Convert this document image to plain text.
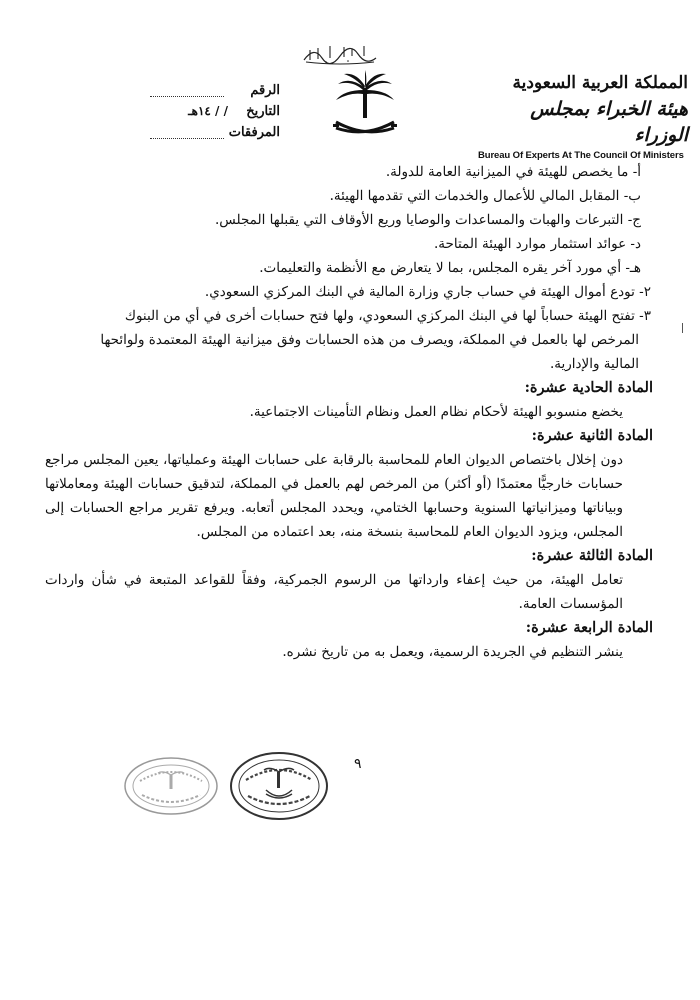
المملكة العربية السعودية
هيئة الخبراء بمجلس الوزراء
Bureau Of Experts At The Council Of Ministers
الرقم
التاريخ
/ / ١٤هـ
المرفقات
أ- ما يخصص للهيئة في الميزانية العامة للدولة.
ب- المقابل المالي للأعمال والخدمات التي تقدمها الهيئة.
ج- التبرعات والهبات والمساعدات والوصايا وريع الأوقاف التي يقبلها المجلس.
د- عوائد استثمار موارد الهيئة المتاحة.
هـ- أي مورد آخر يقره المجلس، بما لا يتعارض مع الأنظمة والتعليمات.
٢- تودع أموال الهيئة في حساب جاري وزارة المالية في البنك المركزي السعودي.
٣- تفتح الهيئة حساباً لها في البنك المركزي السعودي، ولها فتح حسابات أخرى في أي من البنوك
المرخص لها بالعمل في المملكة، ويصرف من هذه الحسابات وفق ميزانية الهيئة المعتمدة ولوائحها
المالية والإدارية.
المادة الحادية عشرة:
يخضع منسوبو الهيئة لأحكام نظام العمل ونظام التأمينات الاجتماعية.
المادة الثانية عشرة:
دون إخلال باختصاص الديوان العام للمحاسبة بالرقابة على حسابات الهيئة وعملياتها، يعين المجلس مراجع حسابات خارجيًّا معتمدًا (أو أكثر) من المرخص لهم بالعمل في المملكة، لتدقيق حسابات الهيئة ومعاملاتها وبياناتها وميزانياتها السنوية وحسابها الختامي، ويحدد المجلس أتعابه. ويرفع تقرير مراجع الحسابات إلى المجلس، ويزود الديوان العام للمحاسبة بنسخة منه، بعد اعتماده من المجلس.
المادة الثالثة عشرة:
تعامل الهيئة، من حيث إعفاء وارداتها من الرسوم الجمركية، وفقاً للقواعد المتبعة في شأن واردات المؤسسات العامة.
المادة الرابعة عشرة:
ينشر التنظيم في الجريدة الرسمية، ويعمل به من تاريخ نشره.
٩
